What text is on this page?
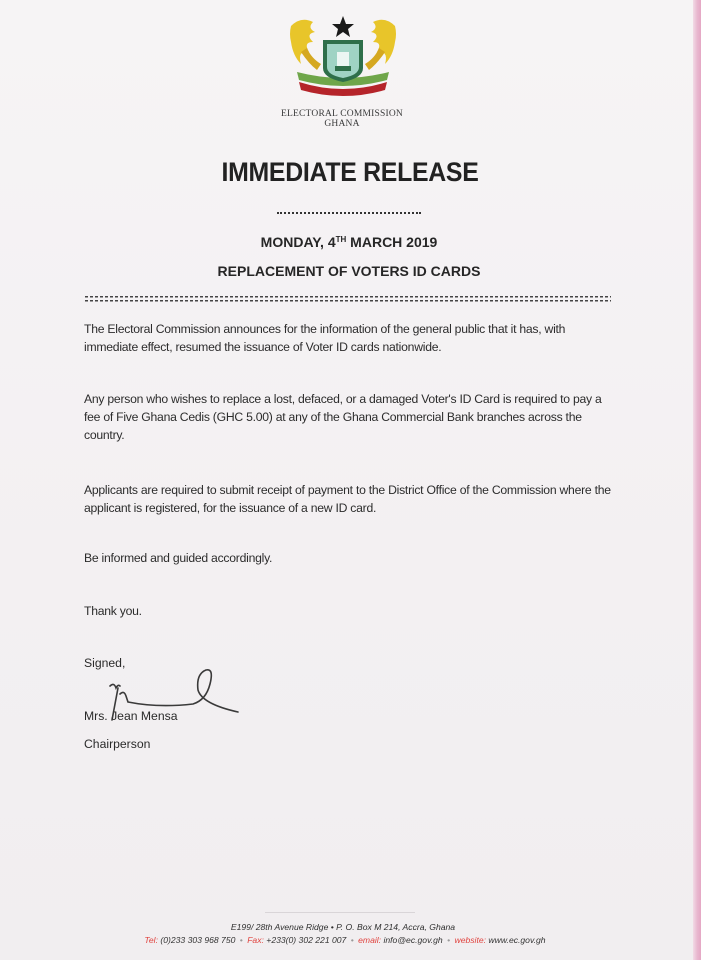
ELECTORAL COMMISSION
GHANA
IMMEDIATE RELEASE
MONDAY, 4TH MARCH 2019
REPLACEMENT OF VOTERS ID CARDS
The Electoral Commission announces for the information of the general public that it has, with immediate effect, resumed the issuance of Voter ID cards nationwide.
Any person who wishes to replace a lost, defaced, or a damaged Voter's ID Card is required to pay a fee of Five Ghana Cedis (GHC 5.00) at any of the Ghana Commercial Bank branches across the country.
Applicants are required to submit receipt of payment to the District Office of the Commission where the applicant is registered, for the issuance of a new ID card.
Be informed and guided accordingly.
Thank you.
Signed,
Mrs. Jean Mensa
Chairperson
E199/ 28th Avenue Ridge • P. O. Box M 214, Accra, Ghana
Tel: (0)233 303 968 750 • Fax: +233(0) 302 221 007 • email: info@ec.gov.gh • website: www.ec.gov.gh
